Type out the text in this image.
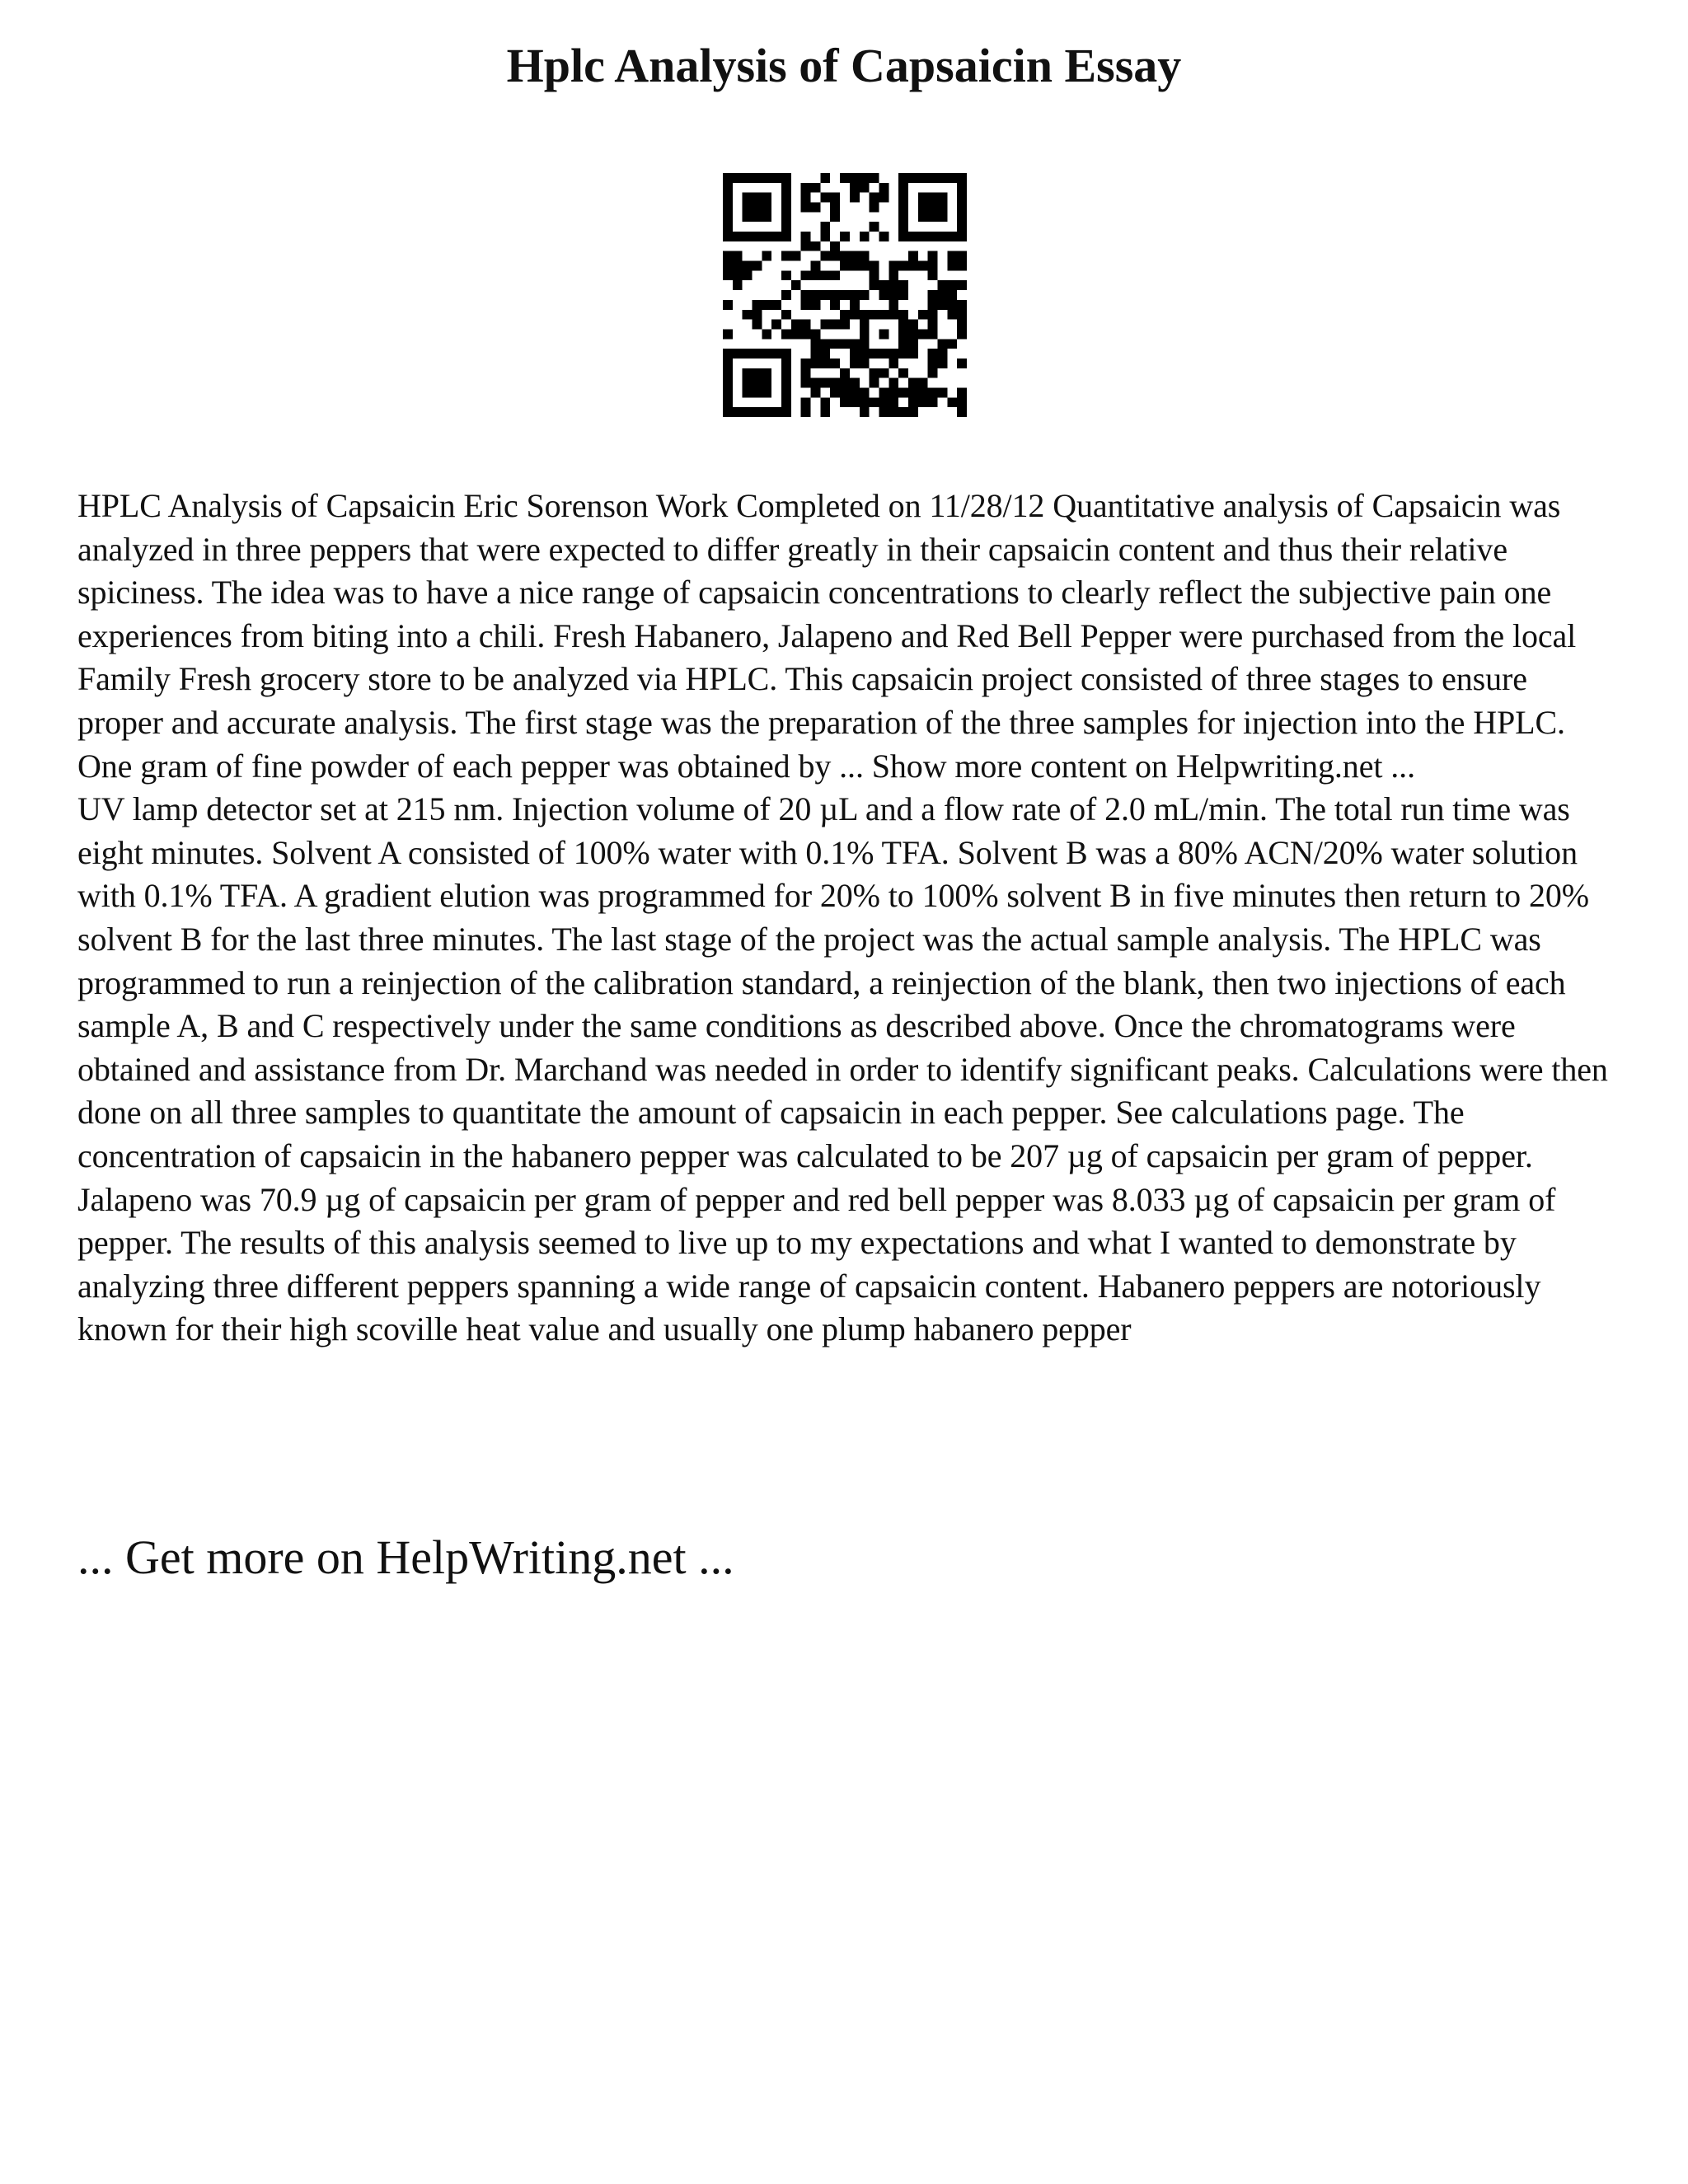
Hplc Analysis of Capsaicin Essay

HPLC Analysis of Capsaicin Eric Sorenson Work Completed on 11/28/12 Quantitative analysis of Capsaicin was analyzed in three peppers that were expected to differ greatly in their capsaicin content and thus their relative spiciness. The idea was to have a nice range of capsaicin concentrations to clearly reflect the subjective pain one experiences from biting into a chili. Fresh Habanero, Jalapeno and Red Bell Pepper were purchased from the local Family Fresh grocery store to be analyzed via HPLC. This capsaicin project consisted of three stages to ensure proper and accurate analysis. The first stage was the preparation of the three samples for injection into the HPLC. One gram of fine powder of each pepper was obtained by ... Show more content on Helpwriting.net ...

UV lamp detector set at 215 nm. Injection volume of 20 µL and a flow rate of 2.0 mL/min. The total run time was eight minutes. Solvent A consisted of 100% water with 0.1% TFA. Solvent B was a 80% ACN/20% water solution with 0.1% TFA. A gradient elution was programmed for 20% to 100% solvent B in five minutes then return to 20% solvent B for the last three minutes. The last stage of the project was the actual sample analysis. The HPLC was programmed to run a reinjection of the calibration standard, a reinjection of the blank, then two injections of each sample A, B and C respectively under the same conditions as described above. Once the chromatograms were obtained and assistance from Dr. Marchand was needed in order to identify significant peaks. Calculations were then done on all three samples to quantitate the amount of capsaicin in each pepper. See calculations page. The concentration of capsaicin in the habanero pepper was calculated to be 207 µg of capsaicin per gram of pepper. Jalapeno was 70.9 µg of capsaicin per gram of pepper and red bell pepper was 8.033 µg of capsaicin per gram of pepper. The results of this analysis seemed to live up to my expectations and what I wanted to demonstrate by analyzing three different peppers spanning a wide range of capsaicin content. Habanero peppers are notoriously known for their high scoville heat value and usually one plump habanero pepper

... Get more on HelpWriting.net ...
